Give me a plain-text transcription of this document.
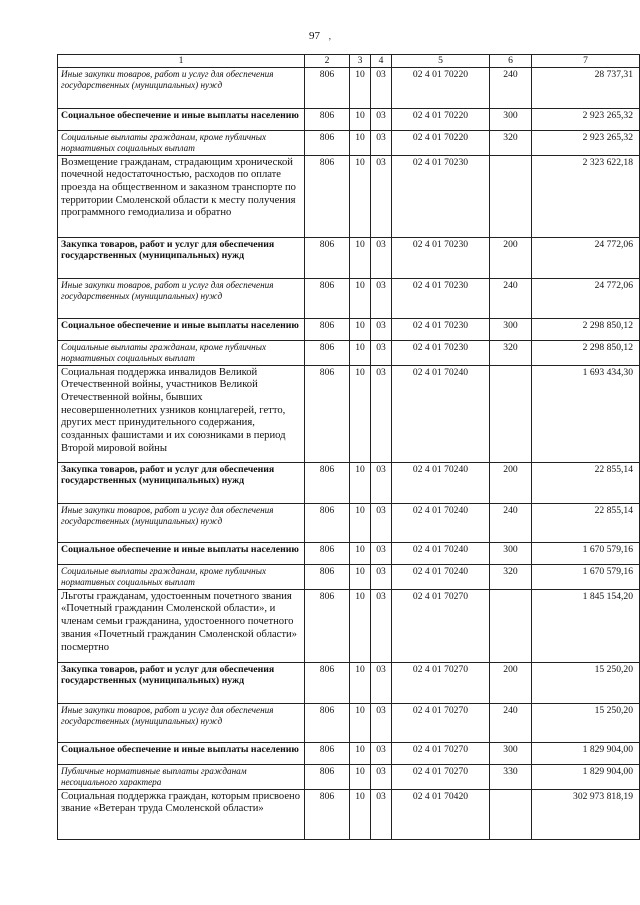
97 ,
1	2	3	4	5	6	7
Иные закупки товаров, работ и услуг для обеспечения государственных (муниципальных) нужд	806	10	03	02 4 01 70220	240	28 737,31
Социальное обеспечение и иные выплаты населению	806	10	03	02 4 01 70220	300	2 923 265,32
Социальные выплаты гражданам, кроме публичных нормативных социальных выплат	806	10	03	02 4 01 70220	320	2 923 265,32
Возмещение гражданам, страдающим хронической почечной недостаточностью, расходов по оплате проезда на общественном и заказном транспорте по территории Смоленской области к месту получения программного гемодиализа и обратно	806	10	03	02 4 01 70230		2 323 622,18
Закупка товаров, работ и услуг для обеспечения государственных (муниципальных) нужд	806	10	03	02 4 01 70230	200	24 772,06
Иные закупки товаров, работ и услуг для обеспечения государственных (муниципальных) нужд	806	10	03	02 4 01 70230	240	24 772,06
Социальное обеспечение и иные выплаты населению	806	10	03	02 4 01 70230	300	2 298 850,12
Социальные выплаты гражданам, кроме публичных нормативных социальных выплат	806	10	03	02 4 01 70230	320	2 298 850,12
Социальная поддержка инвалидов Великой Отечественной войны, участников Великой Отечественной войны, бывших несовершеннолетних узников концлагерей, гетто, других мест принудительного содержания, созданных фашистами и их союзниками в период Второй мировой войны	806	10	03	02 4 01 70240		1 693 434,30
Закупка товаров, работ и услуг для обеспечения государственных (муниципальных) нужд	806	10	03	02 4 01 70240	200	22 855,14
Иные закупки товаров, работ и услуг для обеспечения государственных (муниципальных) нужд	806	10	03	02 4 01 70240	240	22 855,14
Социальное обеспечение и иные выплаты населению	806	10	03	02 4 01 70240	300	1 670 579,16
Социальные выплаты гражданам, кроме публичных нормативных социальных выплат	806	10	03	02 4 01 70240	320	1 670 579,16
Льготы гражданам, удостоенным почетного звания «Почетный гражданин Смоленской области», и членам семьи гражданина, удостоенного почетного звания «Почетный гражданин Смоленской области» посмертно	806	10	03	02 4 01 70270		1 845 154,20
Закупка товаров, работ и услуг для обеспечения государственных (муниципальных) нужд	806	10	03	02 4 01 70270	200	15 250,20
Иные закупки товаров, работ и услуг для обеспечения государственных (муниципальных) нужд	806	10	03	02 4 01 70270	240	15 250,20
Социальное обеспечение и иные выплаты населению	806	10	03	02 4 01 70270	300	1 829 904,00
Публичные нормативные выплаты гражданам несоциального характера	806	10	03	02 4 01 70270	330	1 829 904,00
Социальная поддержка граждан, которым присвоено звание «Ветеран труда Смоленской области»	806	10	03	02 4 01 70420		302 973 818,19
